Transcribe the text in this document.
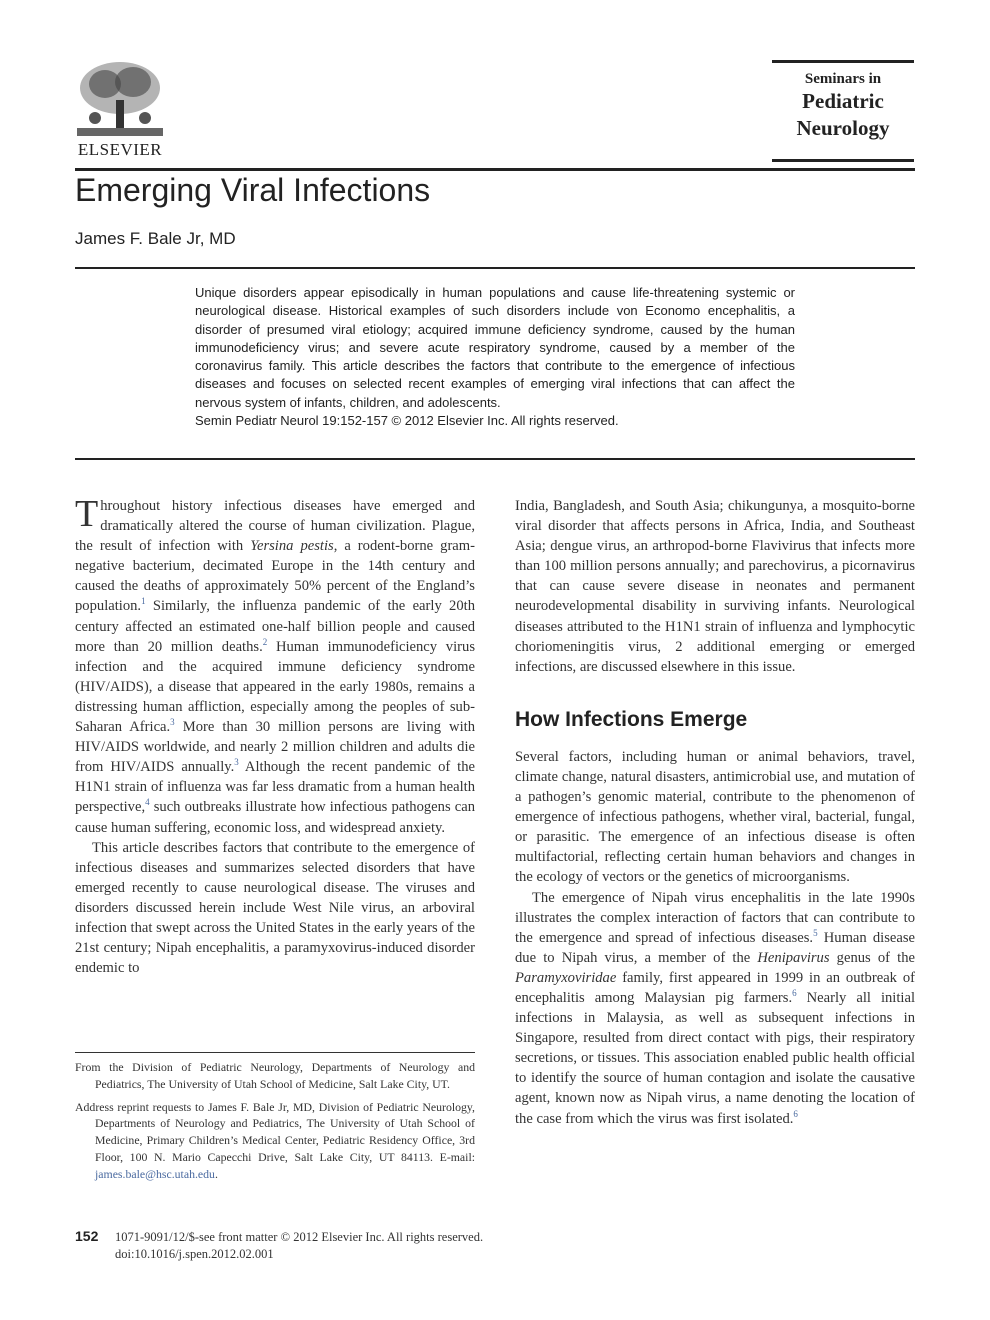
ELSEVIER
Seminars in
Pediatric
Neurology
Emerging Viral Infections
James F. Bale Jr, MD

Unique disorders appear episodically in human populations and cause life-threatening systemic or neurological disease. Historical examples of such disorders include von Economo encephalitis, a disorder of presumed viral etiology; acquired immune deficiency syndrome, caused by the human immunodeficiency virus; and severe acute respiratory syndrome, caused by a member of the coronavirus family. This article describes the factors that contribute to the emergence of infectious diseases and focuses on selected recent examples of emerging viral infections that can affect the nervous system of infants, children, and adolescents.

Semin Pediatr Neurol 19:152-157 © 2012 Elsevier Inc. All rights reserved.

Throughout history infectious diseases have emerged and dramatically altered the course of human civilization. Plague, the result of infection with Yersina pestis, a rodent-borne gram-negative bacterium, decimated Europe in the 14th century and caused the deaths of approximately 50% percent of the England’s population.$^1$ Similarly, the influenza pandemic of the early 20th century affected an estimated one-half billion people and caused more than 20 million deaths.$^2$ Human immunodeficiency virus infection and the acquired immune deficiency syndrome (HIV/AIDS), a disease that appeared in the early 1980s, remains a distressing human affliction, especially among the peoples of sub-Saharan Africa.$^3$ More than 30 million persons are living with HIV/AIDS worldwide, and nearly 2 million children and adults die from HIV/AIDS annually.$^3$ Although the recent pandemic of the H1N1 strain of influenza was far less dramatic from a human health perspective,$^4$ such outbreaks illustrate how infectious pathogens can cause human suffering, economic loss, and widespread anxiety.

This article describes factors that contribute to the emergence of infectious diseases and summarizes selected disorders that have emerged recently to cause neurological disease. The viruses and disorders discussed herein include West Nile virus, an arboviral infection that swept across the United States in the early years of the 21st century; Nipah encephalitis, a paramyxovirus-induced disorder endemic to

India, Bangladesh, and South Asia; chikungunya, a mosquito-borne viral disorder that affects persons in Africa, India, and Southeast Asia; dengue virus, an arthropod-borne Flavivirus that infects more than 100 million persons annually; and parechovirus, a picornavirus that can cause severe disease in neonates and permanent neurodevelopmental disability in surviving infants. Neurological diseases attributed to the H1N1 strain of influenza and lymphocytic choriomeningitis virus, 2 additional emerging or emerged infections, are discussed elsewhere in this issue.

How Infections Emerge

Several factors, including human or animal behaviors, travel, climate change, natural disasters, antimicrobial use, and mutation of a pathogen’s genomic material, contribute to the phenomenon of emergence of infectious pathogens, whether viral, bacterial, fungal, or parasitic. The emergence of an infectious disease is often multifactorial, reflecting certain human behaviors and changes in the ecology of vectors or the genetics of microorganisms.

The emergence of Nipah virus encephalitis in the late 1990s illustrates the complex interaction of factors that can contribute to the emergence and spread of infectious diseases.$^5$ Human disease due to Nipah virus, a member of the Henipavirus genus of the Paramyxoviridae family, first appeared in 1999 in an outbreak of encephalitis among Malaysian pig farmers.$^6$ Nearly all initial infections in Malaysia, as well as subsequent infections in Singapore, resulted from direct contact with pigs, their respiratory secretions, or tissues. This association enabled public health official to identify the source of human contagion and isolate the causative agent, known now as Nipah virus, a name denoting the location of the case from which the virus was first isolated.$^6$

From the Division of Pediatric Neurology, Departments of Neurology and Pediatrics, The University of Utah School of Medicine, Salt Lake City, UT.

Address reprint requests to James F. Bale Jr, MD, Division of Pediatric Neurology, Departments of Neurology and Pediatrics, The University of Utah School of Medicine, Primary Children’s Medical Center, Pediatric Residency Office, 3rd Floor, 100 N. Mario Capecchi Drive, Salt Lake City, UT 84113. E-mail: james.bale@hsc.utah.edu.

152 1071-9091/12/$-see front matter © 2012 Elsevier Inc. All rights reserved.
doi:10.1016/j.spen.2012.02.001
